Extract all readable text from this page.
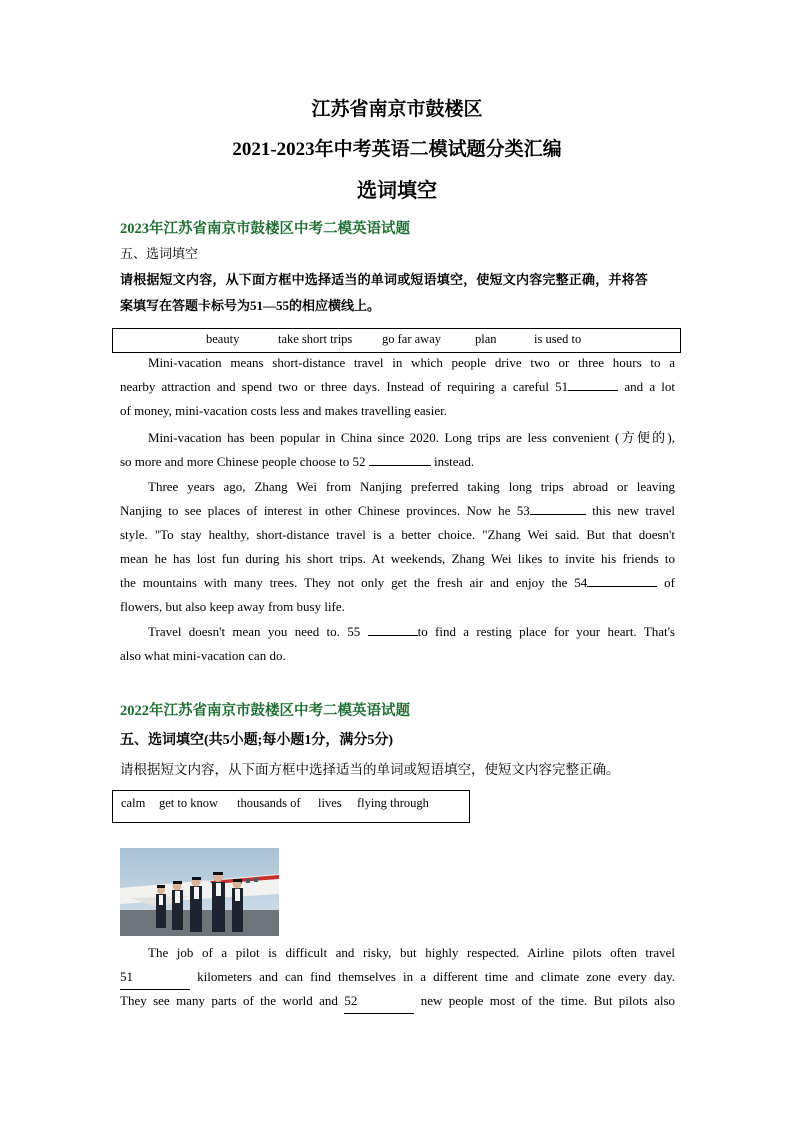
江苏省南京市鼓楼区
2021-2023年中考英语二模试题分类汇编
选词填空
2023年江苏省南京市鼓楼区中考二模英语试题
五、选词填空
请根据短文内容，从下面方框中选择适当的单词或短语填空，使短文内容完整正确，并将答
案填写在答题卡标号为51—55的相应横线上。
beauty	take short trips go far away	plan	is used to
Mini-vacation means short-distance travel in which people drive two or three hours to a
nearby attraction and spend two or three days. Instead of requiring a careful 51	and a lot
of money, mini-vacation costs less and makes travelling easier.
Mini-vacation has been popular in China since 2020. Long trips are less convenient (方便的),
so more and more Chinese people choose to 52	instead.
Three years ago, Zhang Wei from Nanjing preferred taking long trips abroad or leaving
Nanjing to see places of interest in other Chinese provinces. Now he 53	this new travel
style. "To stay healthy, short-distance travel is a better choice. "Zhang Wei said. But that doesn't
mean he has lost fun during his short trips. At weekends, Zhang Wei likes to invite his friends to
the mountains with many trees. They not only get the fresh air and enjoy the 54	of
flowers, but also keep away from busy life.
Travel doesn't mean you need to. 55	to find a resting place for your heart. That's
also what mini-vacation can do.
2022年江苏省南京市鼓楼区中考二模英语试题
五、选词填空(共5小题;每小题1分，满分5分)
请根据短文内容，从下面方框中选择适当的单词或短语填空，使短文内容完整正确。
calm get to know thousands of lives flying through
The job of a pilot is difficult and risky, but highly respected. Airline pilots often travel
51	kilometers and can find themselves in a different time and climate zone every day.
They see many parts of the world and 52	new people most of the time. But pilots also
